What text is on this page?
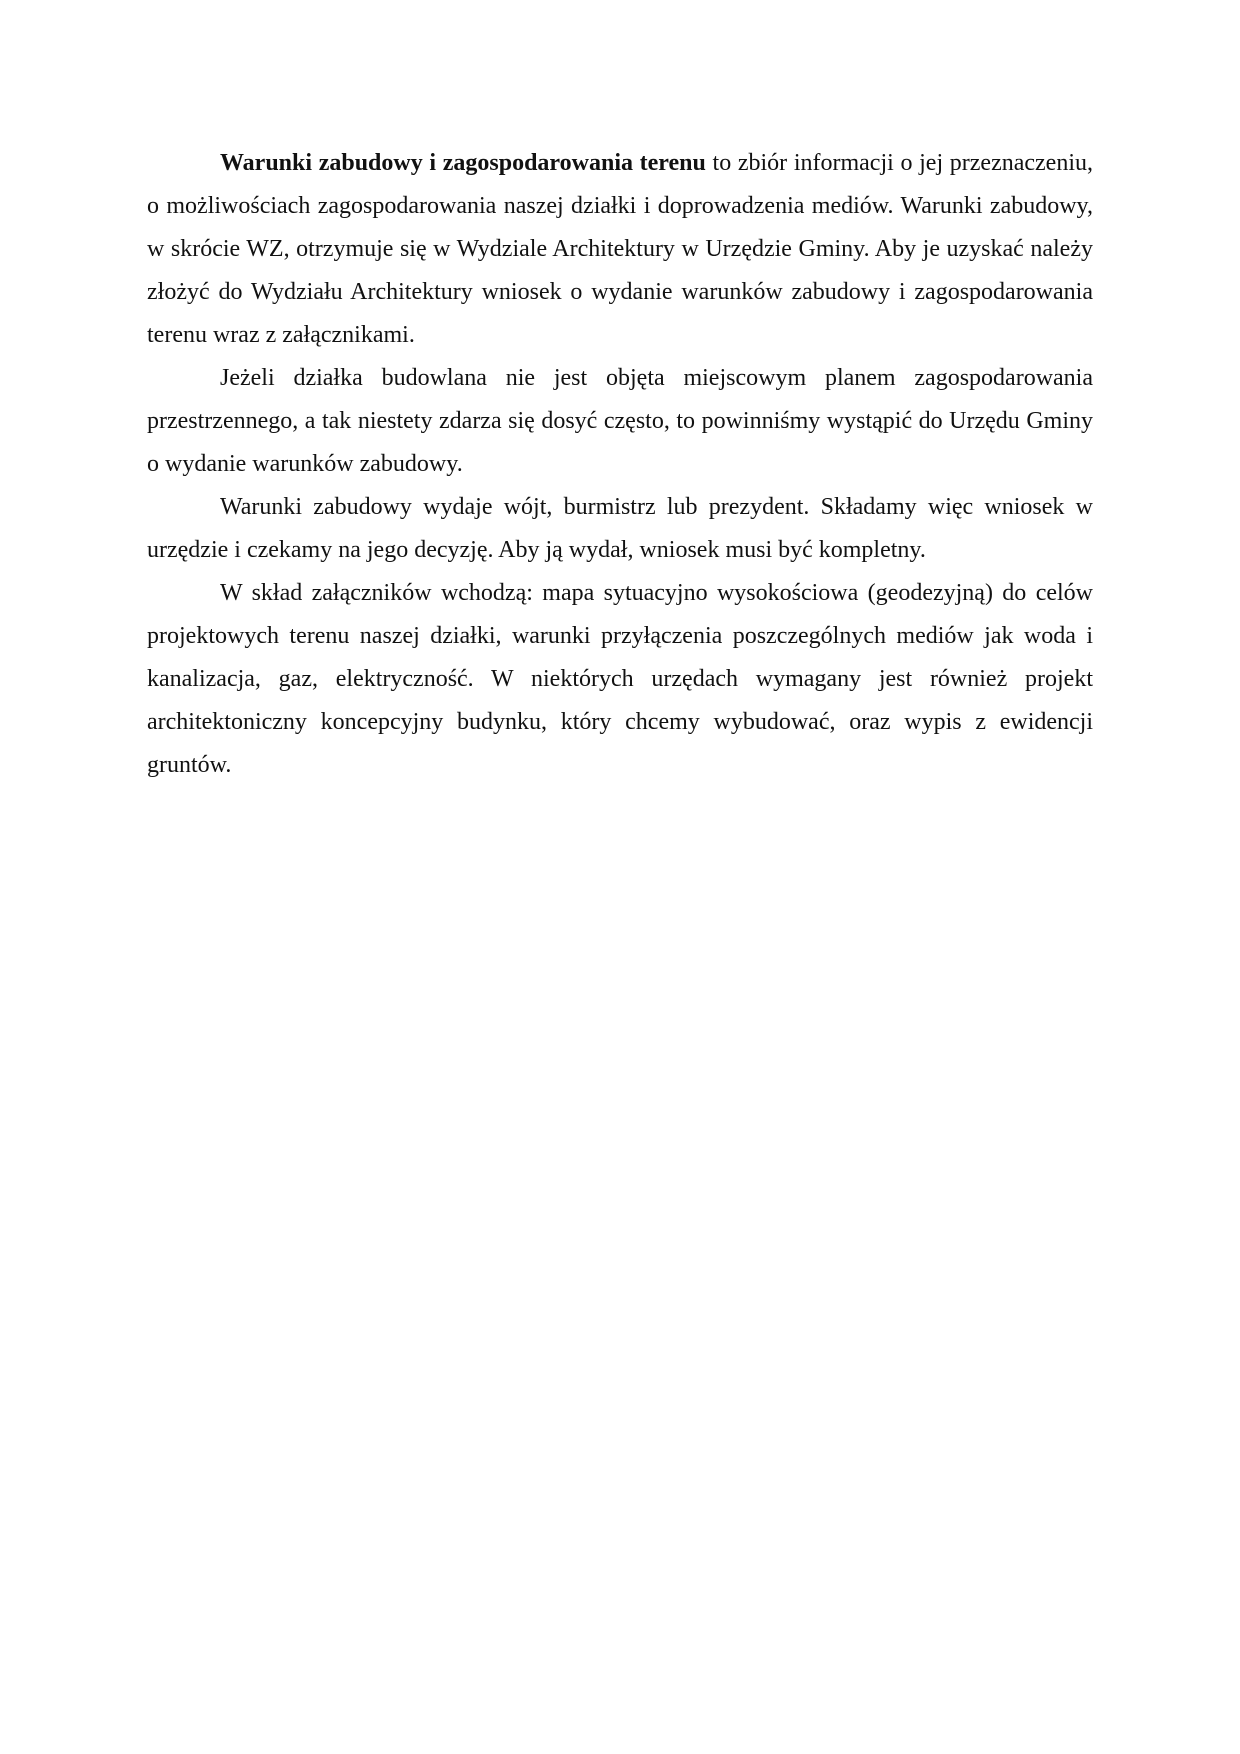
Warunki zabudowy i zagospodarowania terenu to zbiór informacji o jej przeznaczeniu, o możliwościach zagospodarowania naszej działki i doprowadzenia mediów. Warunki zabudowy, w skrócie WZ, otrzymuje się w Wydziale Architektury w Urzędzie Gminy. Aby je uzyskać należy złożyć do Wydziału Architektury wniosek o wydanie warunków zabudowy i zagospodarowania terenu wraz z załącznikami.

Jeżeli działka budowlana nie jest objęta miejscowym planem zagospodarowania przestrzennego, a tak niestety zdarza się dosyć często, to powinniśmy wystąpić do Urzędu Gminy o wydanie warunków zabudowy.

Warunki zabudowy wydaje wójt, burmistrz lub prezydent. Składamy więc wniosek w urzędzie i czekamy na jego decyzję. Aby ją wydał, wniosek musi być kompletny.

W skład załączników wchodzą: mapa sytuacyjno wysokościowa (geodezyjną) do celów projektowych terenu naszej działki, warunki przyłączenia poszczególnych mediów jak woda i kanalizacja, gaz, elektryczność. W niektórych urzędach wymagany jest również projekt architektoniczny koncepcyjny budynku, który chcemy wybudować, oraz wypis z ewidencji gruntów.
